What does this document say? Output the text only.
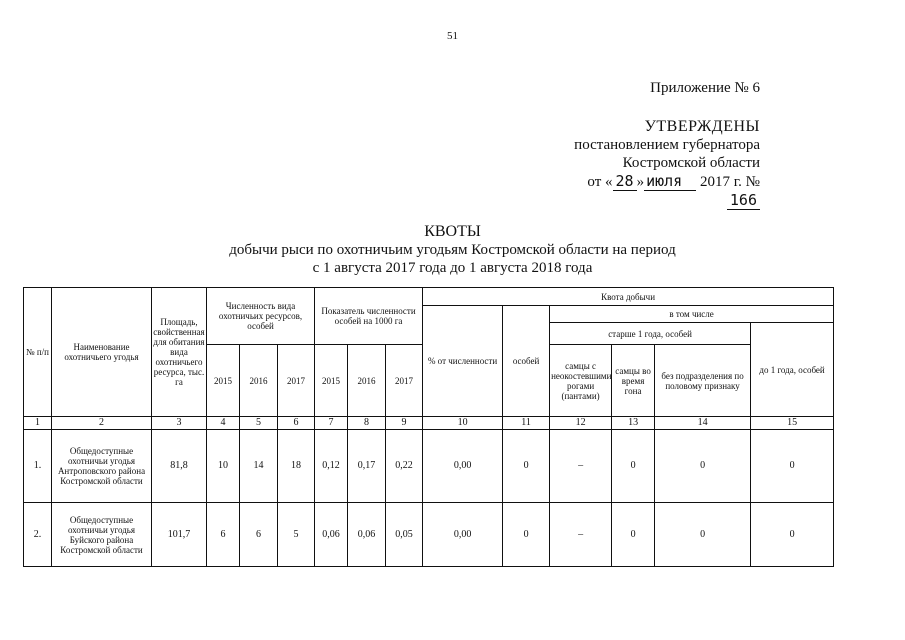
51
Приложение № 6
УТВЕРЖДЕНЫ
постановлением губернатора
Костромской области
от « 28 » июля 2017 г. № 166
КВОТЫ
добычи рыси по охотничьим угодьям Костромской области на период
с 1 августа 2017 года до 1 августа 2018 года
№ п/п	Наименование охотничьего угодья	Площадь, свойственная для обитания вида охотничьего ресурса, тыс. га	Численность вида охотничьих ресурсов, особей			Показатель численности особей на 1000 га			Квота добычи					
									% от численности	особей	в том числе			
											старше 1 года, особей			до 1 года, особей
			2015	2016	2017	2015	2016	2017			самцы с неокостевшими рогами (пантами)	самцы во время гона	без подразделения по половому признаку	
1	2	3	4	5	6	7	8	9	10	11	12	13	14	15
1.	Общедоступные охотничьи угодья Антроповского района Костромской области	81,8	10	14	18	0,12	0,17	0,22	0,00	0	–	0	0	0
2.	Общедоступные охотничьи угодья Буйского района Костромской области	101,7	6	6	5	0,06	0,06	0,05	0,00	0	–	0	0	0
